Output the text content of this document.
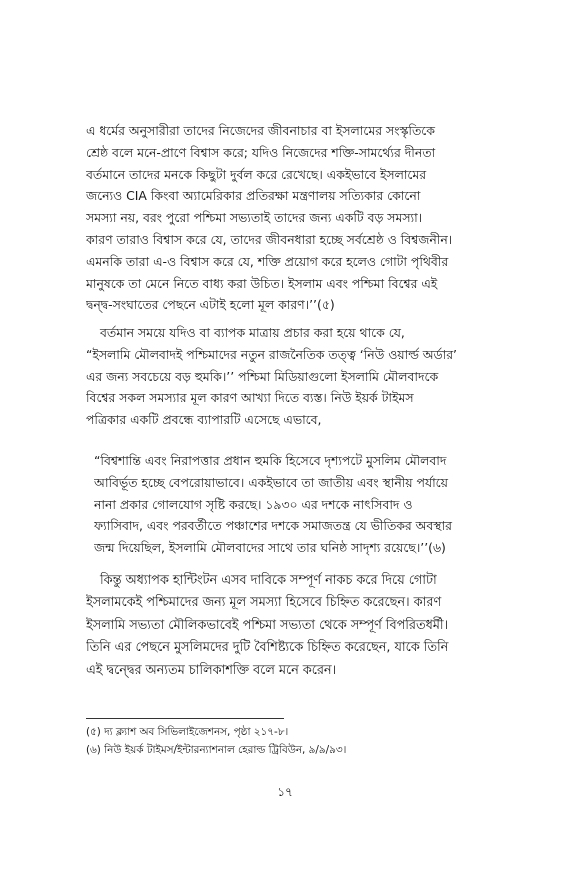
এ ধর্মের অনুসারীরা তাদের নিজেদের জীবনাচার বা ইসলামের সংস্কৃতিকে
শ্রেষ্ঠ বলে মনে-প্রাণে বিশ্বাস করে; যদিও নিজেদের শক্তি-সামর্থ্যের দীনতা
বর্তমানে তাদের মনকে কিছুটা দুর্বল করে রেখেছে। একইভাবে ইসলামের
জন্যেও CIA কিংবা অ্যামেরিকার প্রতিরক্ষা মন্ত্রণালয় সত্যিকার কোনো
সমস্যা নয়, বরং পুরো পশ্চিমা সভ্যতাই তাদের জন্য একটি বড় সমস্যা।
কারণ তারাও বিশ্বাস করে যে, তাদের জীবনধারা হচ্ছে সর্বশ্রেষ্ঠ ও বিশ্বজনীন।
এমনকি তারা এ-ও বিশ্বাস করে যে, শক্তি প্রয়োগ করে হলেও গোটা পৃথিবীর
মানুষকে তা মেনে নিতে বাধ্য করা উচিত। ইসলাম এবং পশ্চিমা বিশ্বের এই
দ্বন্দ্ব-সংঘাতের পেছনে এটাই হলো মূল কারণ।’’(৫)

বর্তমান সময়ে যদিও বা ব্যাপক মাত্রায় প্রচার করা হয়ে থাকে যে,
“ইসলামি মৌলবাদই পশ্চিমাদের নতুন রাজনৈতিক তত্ত্ব ‘নিউ ওয়ার্ল্ড অর্ডার’
এর জন্য সবচেয়ে বড় হুমকি।’’ পশ্চিমা মিডিয়াগুলো ইসলামি মৌলবাদকে
বিশ্বের সকল সমস্যার মূল কারণ আখ্যা দিতে ব্যস্ত। নিউ ইয়র্ক টাইমস
পত্রিকার একটি প্রবন্ধে ব্যাপারটি এসেছে এভাবে,

“বিশ্বশান্তি এবং নিরাপত্তার প্রধান হুমকি হিসেবে দৃশ্যপটে মুসলিম মৌলবাদ
আবির্ভূত হচ্ছে বেপরোয়াভাবে। একইভাবে তা জাতীয় এবং স্থানীয় পর্যায়ে
নানা প্রকার গোলযোগ সৃষ্টি করছে। ১৯৩০ এর দশকে নাৎসিবাদ ও
ফ্যাসিবাদ, এবং পরবর্তীতে পঞ্চাশের দশকে সমাজতন্ত্র যে ভীতিকর অবস্থার
জন্ম দিয়েছিল, ইসলামি মৌলবাদের সাথে তার ঘনিষ্ঠ সাদৃশ্য রয়েছে।’’(৬)

কিন্তু অধ্যাপক হান্টিংটন এসব দাবিকে সম্পূর্ণ নাকচ করে দিয়ে গোটা
ইসলামকেই পশ্চিমাদের জন্য মূল সমস্যা হিসেবে চিহ্নিত করেছেন। কারণ
ইসলামি সভ্যতা মৌলিকভাবেই পশ্চিমা সভ্যতা থেকে সম্পূর্ণ বিপরিতধর্মী।
তিনি এর পেছনে মুসলিমদের দুটি বৈশিষ্ট্যকে চিহ্নিত করেছেন, যাকে তিনি
এই দ্বন্দ্বের অন্যতম চালিকাশক্তি বলে মনে করেন।

(৫) দ্য ক্ল্যাশ অব সিভিলাইজেশনস, পৃষ্ঠা ২১৭-৮।
(৬) নিউ ইয়র্ক টাইমস/ইন্টারন্যাশনাল হেরাল্ড ট্রিবিউন, ৯/৯/৯৩।
১৭
